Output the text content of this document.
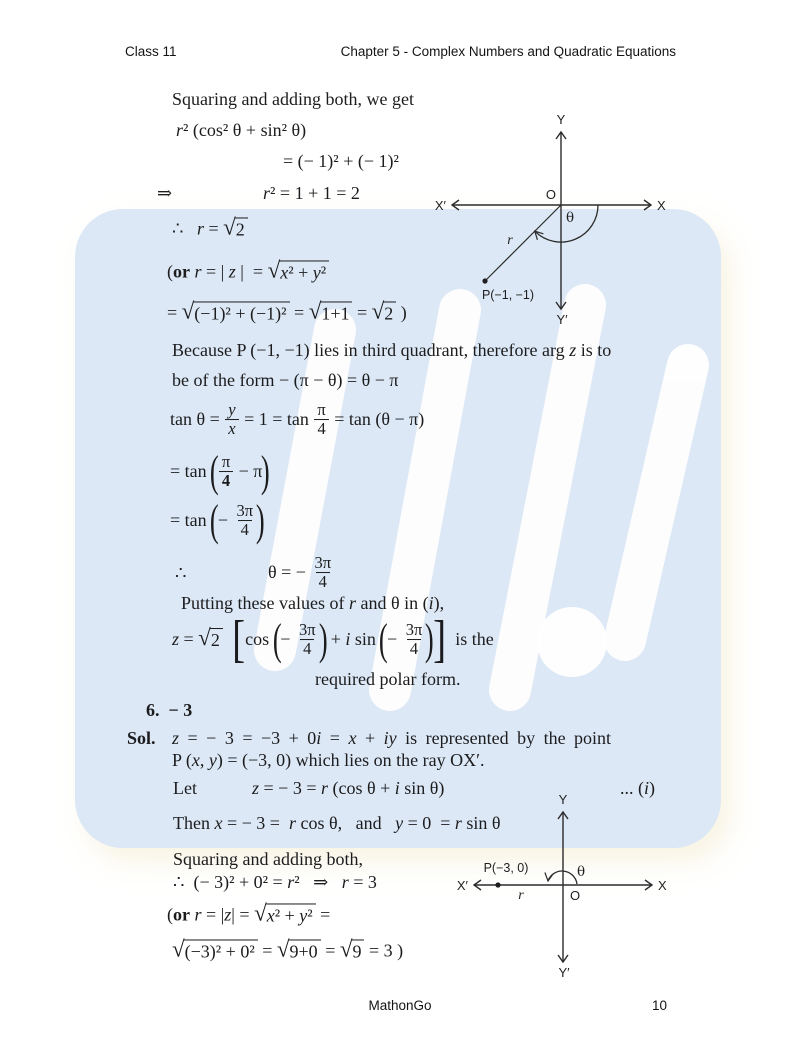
Class 11	Chapter 5 - Complex Numbers and Quadratic Equations
Squaring and adding both, we get
r² (cos² θ + sin² θ)
= (− 1)² + (− 1)²
⇒	r² = 1 + 1 = 2
∴ r = √ 2
( or
r = | z |  = √ x² + y²
= √ (−1)² + (−1)² = √ 1+1 = √ 2 )
Because P (−1, −1) lies in third quadrant, therefore arg z is to
be of the form − (π − θ) = θ − π
$\tan \theta = \frac{y}{x} = 1 = \tan \frac{\pi}{4} = \tan (\theta - \pi)$
= tan
( $\frac{\pi}{4} - \pi$
)
= tan
(
− $\frac{3\pi}{4}$ )
∴	θ = − $\frac{3\pi}{4}$
Putting these values of r and θ in (i),
z = √ 2
[ cos
(
− $\frac{3\pi}{4}$ )
+ i sin
(
− $\frac{3\pi}{4}$ ) ] is the
required polar form.
6.  − 3
Sol. z = − 3 = −3 + 0i = x + iy is represented by the point
P (x, y) = (−3, 0) which lies on the ray OX′.
Let	z = − 3 = r (cos θ + i sin θ)	... (i)
Then x = − 3 =  r cos θ,   and   y = 0  = r sin θ
Squaring and adding both,
∴  (− 3)² + 0² = r²   ⇒   r = 3
( or
r = | z | = √ x² + y² =
√ (−3)² + 0² = √ 9+0 = √ 9 = 3 )
Y
Y′
X′	X
O
θ
r
P(−1, −1)
Y
Y′
X′	X
O
θ
r
P(−3, 0)
MathonGo	10
